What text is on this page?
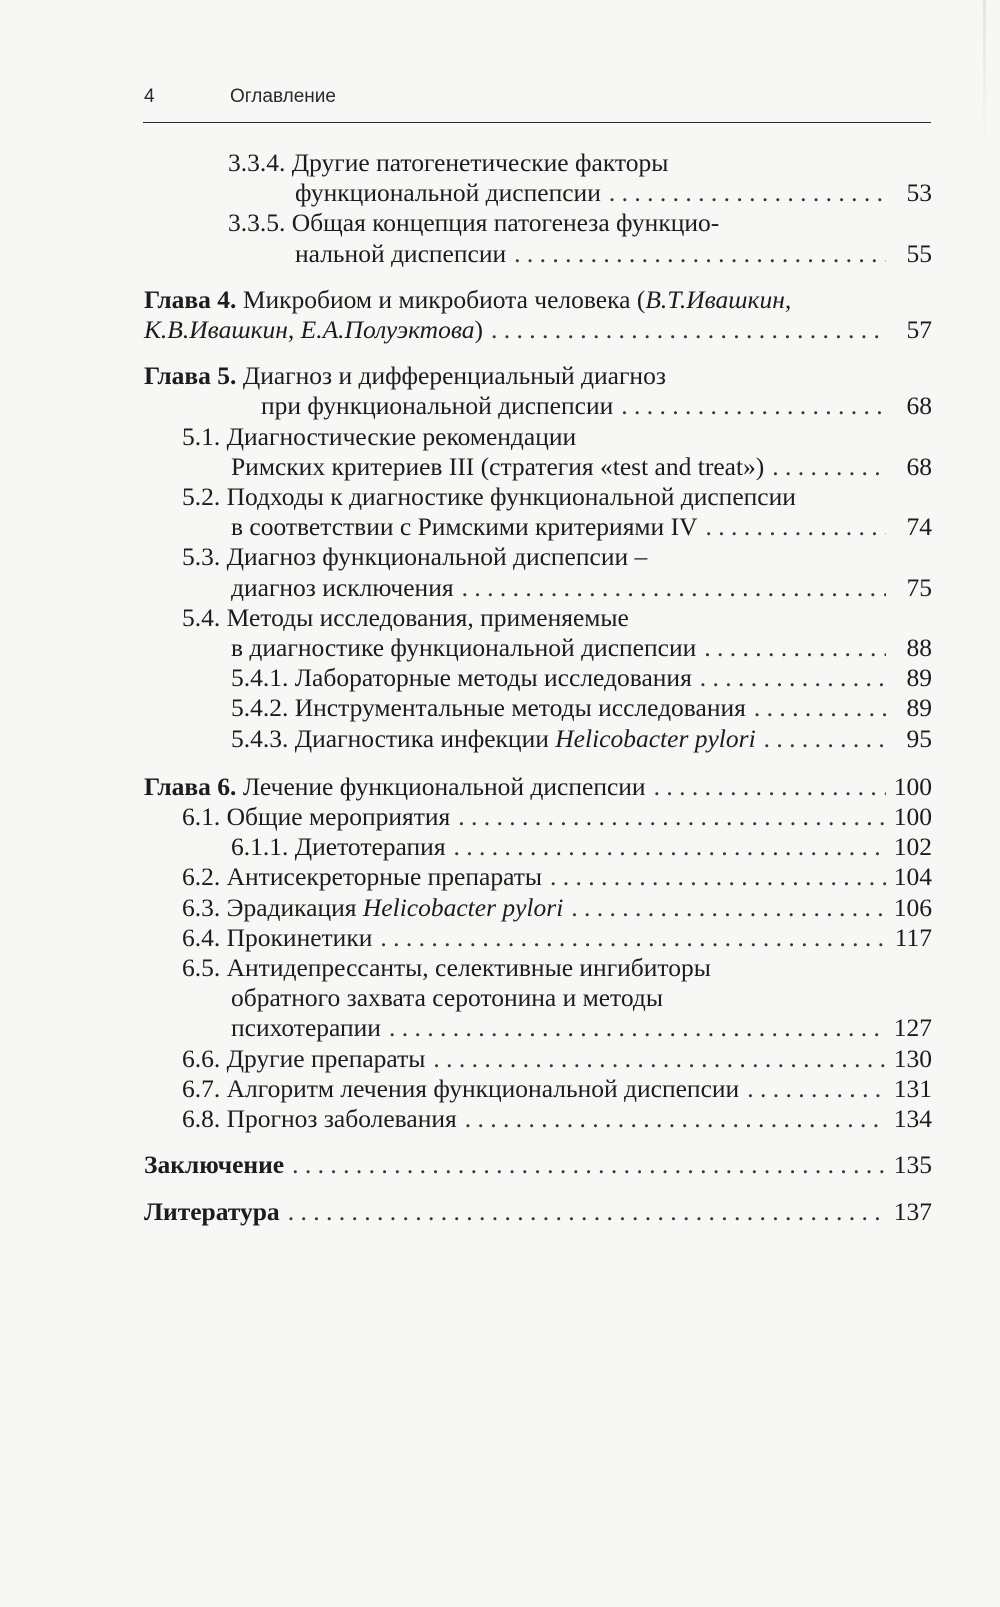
4	Оглавление
3.3.4.
Другие патогенетические факторы
функциональной диспепсии . . .	53
3.3.5.
Общая концепция патогенеза функцио-
нальной диспепсии . . .	55
Глава 4.
Микробиом и микробиота человека ( В.Т.Ивашкин,
К.В.Ивашкин, Е.А.Полуэктова ) . . .	57
Глава 5.
Диагноз и дифференциальный диагноз
при функциональной диспепсии . . .	68
5.1.
Диагностические рекомендации
Римских критериев III (стратегия «test and treat») . . .	68
5.2.
Подходы к диагностике функциональной диспепсии
в соответствии с Римскими критериями IV . . .	74
5.3.
Диагноз функциональной диспепсии –
диагноз исключения . . .	75
5.4.
Методы исследования, применяемые
в диагностике функциональной диспепсии . . .	88
5.4.1.
Лабораторные методы исследования . . .	89
5.4.2.
Инструментальные методы исследования . . .	89
5.4.3.
Диагностика инфекции
Helicobacter pylori . . .	95
Глава 6.
Лечение функциональной диспепсии . . .	100
6.1.
Общие мероприятия . . .	100
6.1.1.
Диетотерапия . . .	102
6.2.
Антисекреторные препараты . . .	104
6.3.
Эрадикация
Helicobacter pylori . . .	106
6.4.
Прокинетики . . .	117
6.5.
Антидепрессанты, селективные ингибиторы
обратного захвата серотонина и методы
психотерапии . . .	127
6.6.
Другие препараты . . .	130
6.7.
Алгоритм лечения функциональной диспепсии . . .	131
6.8.
Прогноз заболевания . . .	134
Заключение . . .	135
Литература . . .	137
